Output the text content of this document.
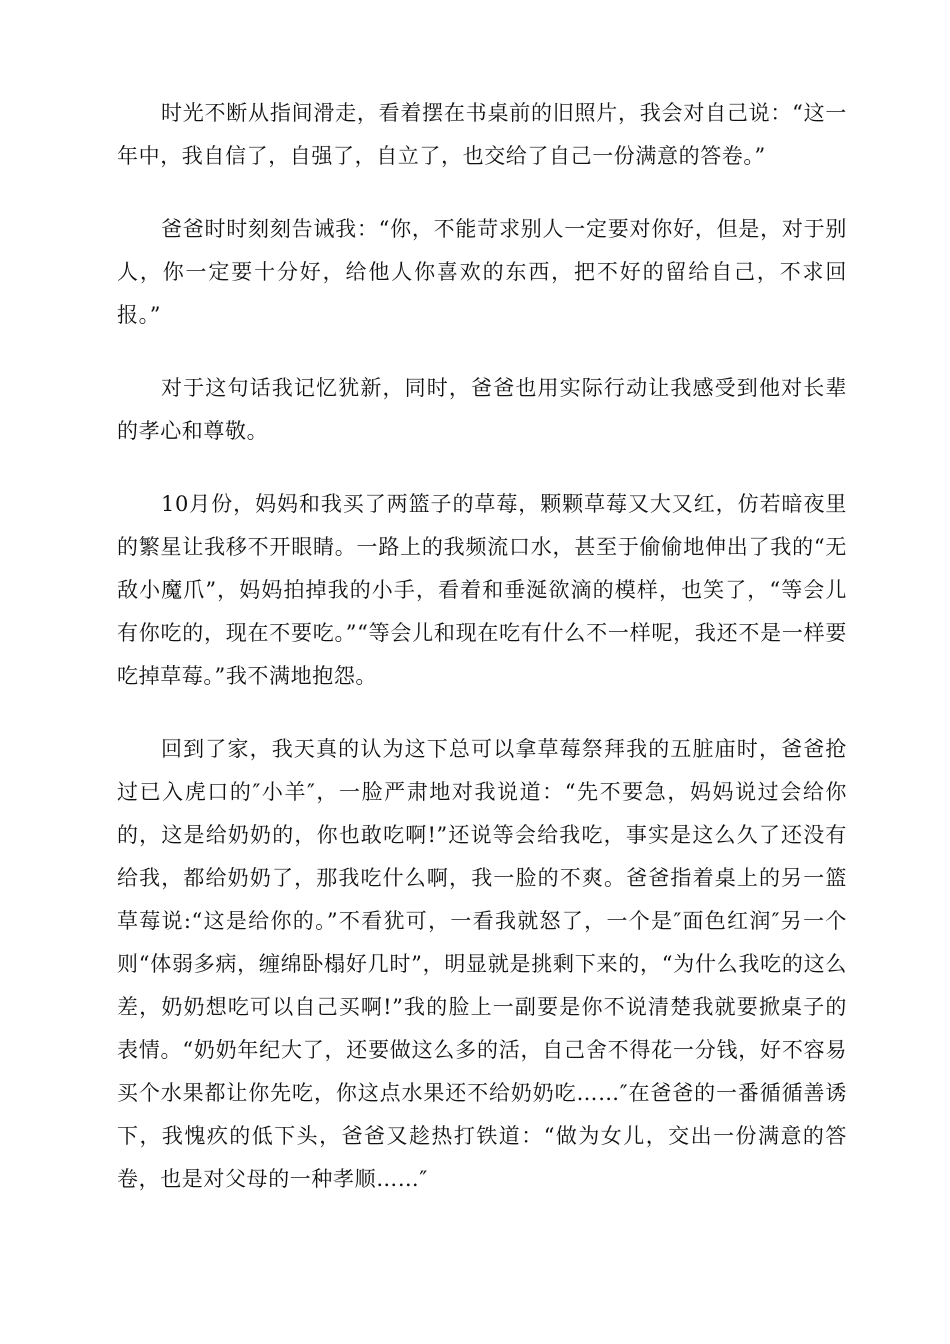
时光不断从指间滑走，看着摆在书桌前的旧照片，我会对自己说：“这一年中，我自信了，自强了，自立了，也交给了自己一份满意的答卷。”

爸爸时时刻刻告诫我：“你，不能苛求别人一定要对你好，但是，对于别人，你一定要十分好，给他人你喜欢的东西，把不好的留给自己，不求回报。”

对于这句话我记忆犹新，同时，爸爸也用实际行动让我感受到他对长辈的孝心和尊敬。

10月份，妈妈和我买了两篮子的草莓，颗颗草莓又大又红，仿若暗夜里的繁星让我移不开眼睛。一路上的我频流口水，甚至于偷偷地伸出了我的“无敌小魔爪”，妈妈拍掉我的小手，看着和垂涎欲滴的模样，也笑了，“等会儿有你吃的，现在不要吃。”“等会儿和现在吃有什么不一样呢，我还不是一样要吃掉草莓。”我不满地抱怨。

回到了家，我天真的认为这下总可以拿草莓祭拜我的五脏庙时，爸爸抢过已入虎口的″小羊″，一脸严肃地对我说道：“先不要急，妈妈说过会给你的，这是给奶奶的，你也敢吃啊!”还说等会给我吃，事实是这么久了还没有给我，都给奶奶了，那我吃什么啊，我一脸的不爽。爸爸指着桌上的另一篮草莓说:“这是给你的。”不看犹可，一看我就怒了，一个是″面色红润″另一个则“体弱多病，缠绵卧榻好几时”，明显就是挑剩下来的，“为什么我吃的这么差，奶奶想吃可以自己买啊!”我的脸上一副要是你不说清楚我就要掀桌子的表情。“奶奶年纪大了，还要做这么多的活，自己舍不得花一分钱，好不容易买个水果都让你先吃，你这点水果还不给奶奶吃……″在爸爸的一番循循善诱下，我愧疚的低下头，爸爸又趁热打铁道：“做为女儿，交出一份满意的答卷，也是对父母的一种孝顺……″
